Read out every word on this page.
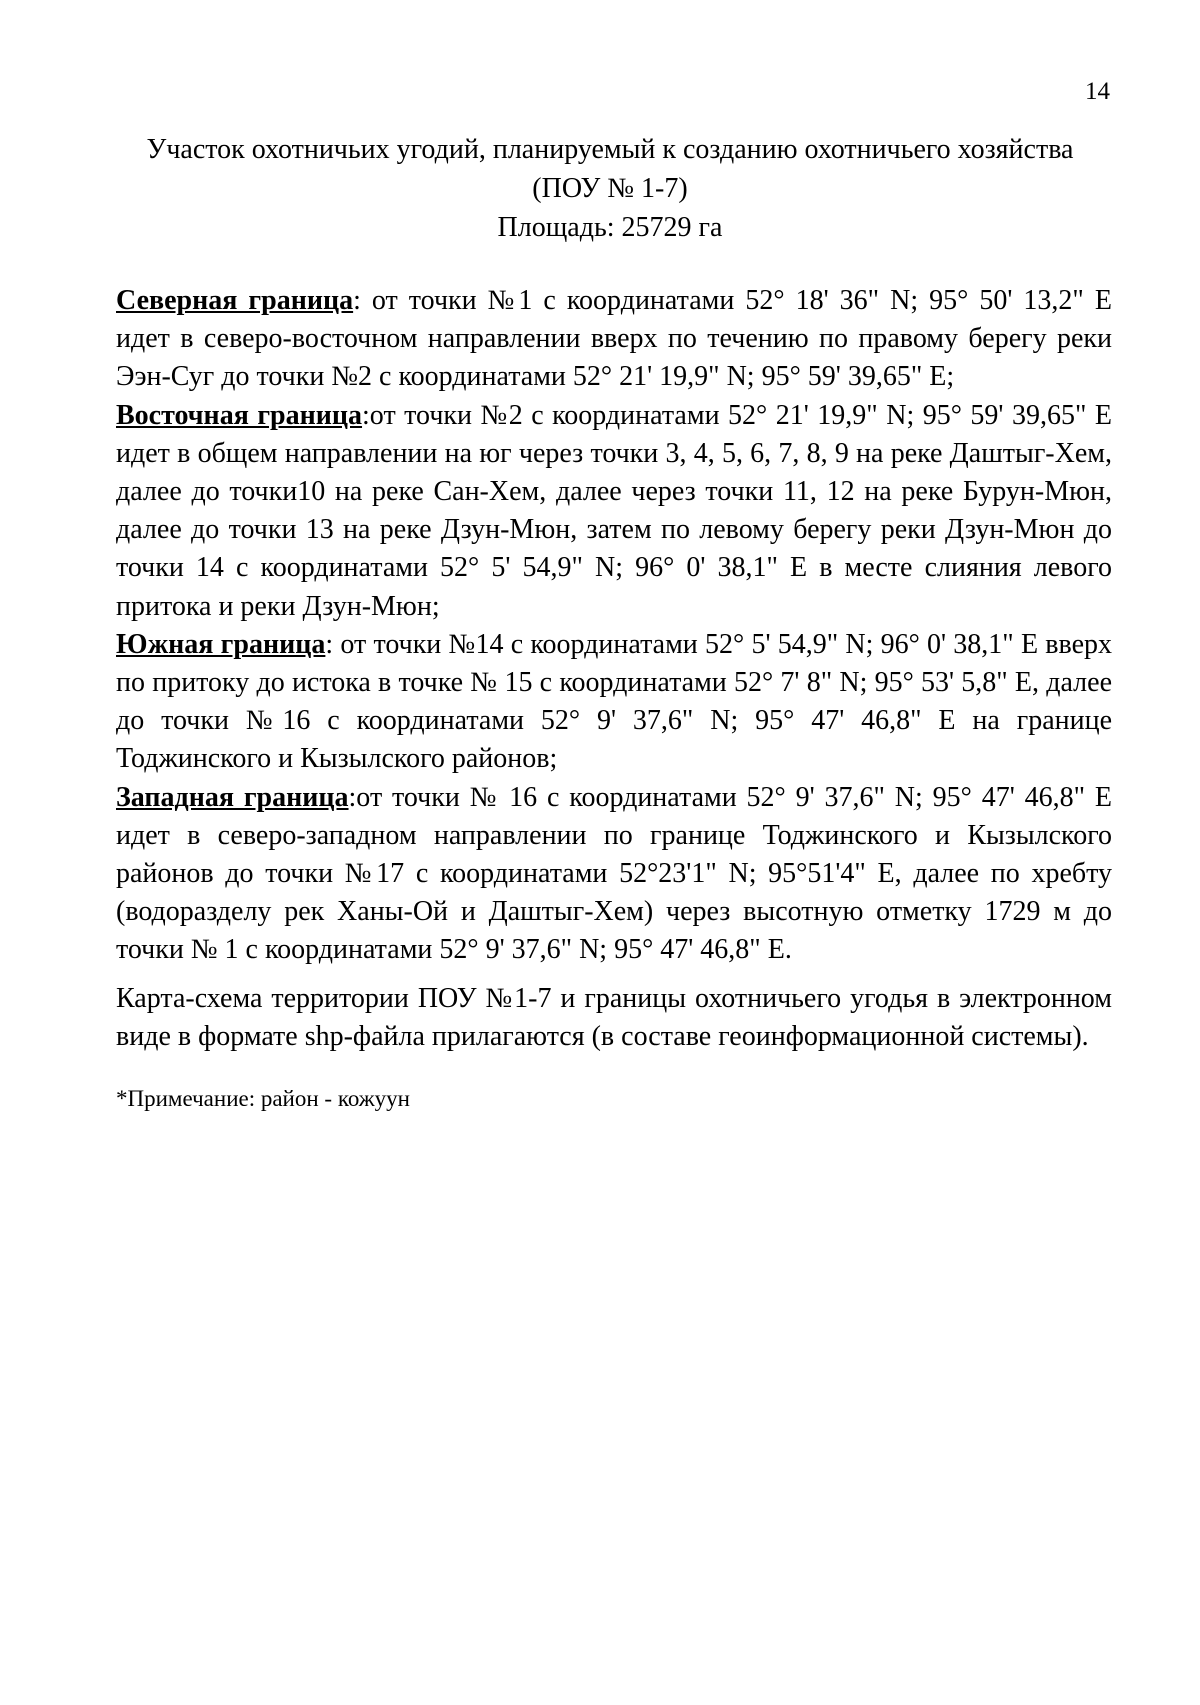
14
Участок охотничьих угодий, планируемый к созданию охотничьего хозяйства
(ПОУ № 1-7)
Площадь: 25729 га

Северная граница: от точки №1 с координатами 52° 18' 36" N; 95° 50' 13,2" E идет в северо-восточном направлении вверх по течению по правому берегу реки Ээн-Суг до точки №2 с координатами 52° 21' 19,9" N; 95° 59' 39,65" E;

Восточная граница:от точки №2 с координатами 52° 21' 19,9" N; 95° 59' 39,65" E идет в общем направлении на юг через точки 3, 4, 5, 6, 7, 8, 9 на реке Даштыг-Хем, далее до точки10 на реке Сан-Хем, далее через точки 11, 12 на реке Бурун-Мюн, далее до точки 13 на реке Дзун-Мюн, затем по левому берегу реки Дзун-Мюн до точки 14 с координатами 52° 5' 54,9" N; 96° 0' 38,1" E в месте слияния левого притока и реки Дзун-Мюн;

Южная граница: от точки №14 с координатами 52° 5' 54,9" N; 96° 0' 38,1" E вверх по притоку до истока в точке № 15 с координатами 52° 7' 8" N; 95° 53' 5,8" E, далее до точки №16 с координатами 52° 9' 37,6" N; 95° 47' 46,8" E на границе Тоджинского и Кызылского районов;

Западная граница:от точки № 16 с координатами 52° 9' 37,6" N; 95° 47' 46,8" E идет в северо-западном направлении по границе Тоджинского и Кызылского районов до точки №17 с координатами 52°23'1" N; 95°51'4" E, далее по хребту (водоразделу рек Ханы-Ой и Даштыг-Хем) через высотную отметку 1729 м до точки № 1 с координатами 52° 9' 37,6" N; 95° 47' 46,8" E.

Карта-схема территории ПОУ №1-7 и границы охотничьего угодья в электронном виде в формате shp-файла прилагаются (в составе геоинформационной системы).
*Примечание: район - кожуун
